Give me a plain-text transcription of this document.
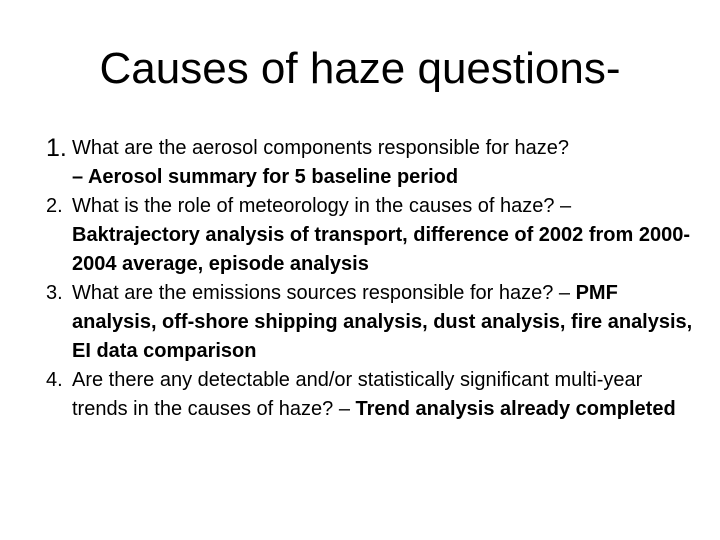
Causes of haze questions-
1. What are the aerosol components responsible for haze?
– Aerosol summary for 5 baseline period
2. What is the role of meteorology in the causes of haze? – Baktrajectory analysis of transport, difference of 2002 from 2000-2004 average, episode analysis
3. What are the emissions sources responsible for haze? – PMF analysis, off-shore shipping analysis, dust analysis, fire analysis, EI data comparison
4. Are there any detectable and/or statistically significant multi-year trends in the causes of haze? – Trend analysis already completed
